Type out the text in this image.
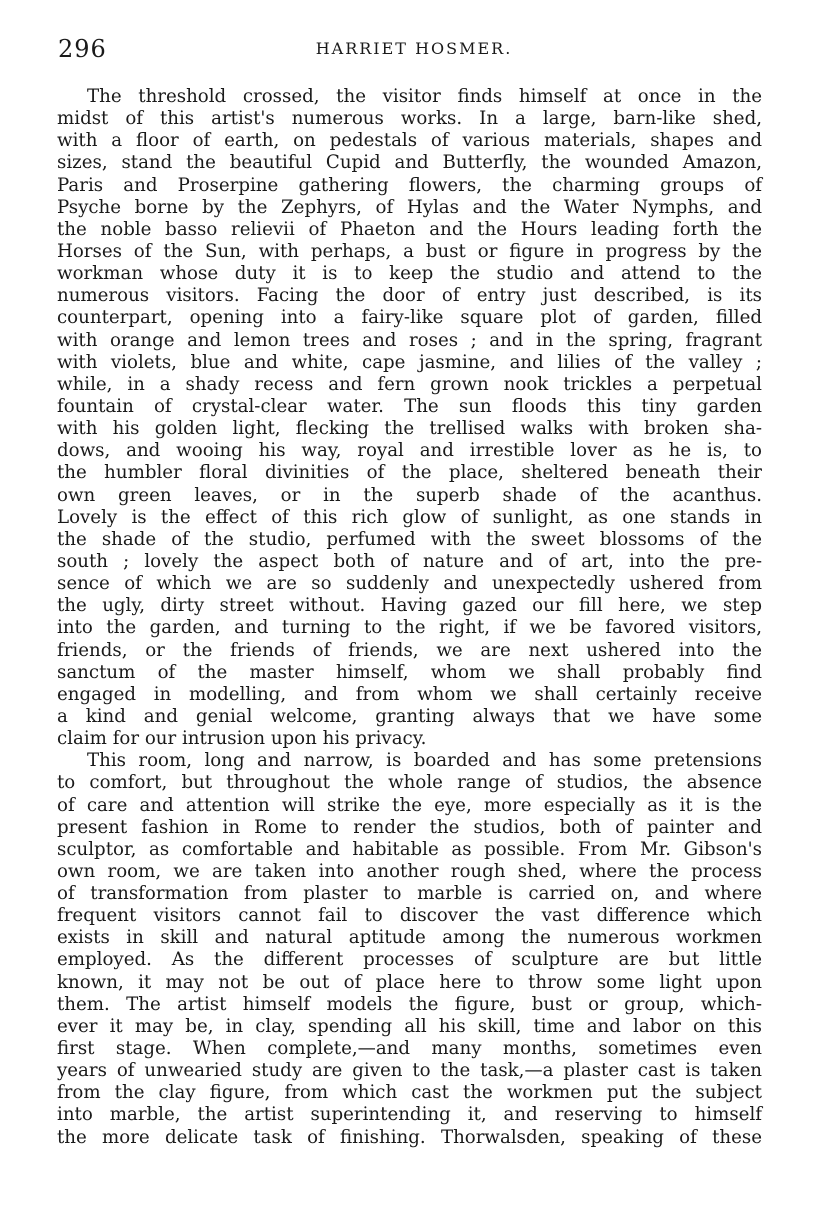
296	HARRIET HOSMER.
The threshold crossed, the visitor finds himself at once in the
midst of this artist's numerous works. In a large, barn-like shed,
with a floor of earth, on pedestals of various materials, shapes and
sizes, stand the beautiful Cupid and Butterfly, the wounded Amazon,
Paris and Proserpine gathering flowers, the charming groups of
Psyche borne by the Zephyrs, of Hylas and the Water Nymphs, and
the noble basso relievii of Phaeton and the Hours leading forth the
Horses of the Sun, with perhaps, a bust or figure in progress by the
workman whose duty it is to keep the studio and attend to the
numerous visitors. Facing the door of entry just described, is its
counterpart, opening into a fairy-like square plot of garden, filled
with orange and lemon trees and roses ; and in the spring, fragrant
with violets, blue and white, cape jasmine, and lilies of the valley ;
while, in a shady recess and fern grown nook trickles a perpetual
fountain of crystal-clear water. The sun floods this tiny garden
with his golden light, flecking the trellised walks with broken sha-
dows, and wooing his way, royal and irrestible lover as he is, to
the humbler floral divinities of the place, sheltered beneath their
own green leaves, or in the superb shade of the acanthus.
Lovely is the effect of this rich glow of sunlight, as one stands in
the shade of the studio, perfumed with the sweet blossoms of the
south ; lovely the aspect both of nature and of art, into the pre-
sence of which we are so suddenly and unexpectedly ushered from
the ugly, dirty street without. Having gazed our fill here, we step
into the garden, and turning to the right, if we be favored visitors,
friends, or the friends of friends, we are next ushered into the
sanctum of the master himself, whom we shall probably find
engaged in modelling, and from whom we shall certainly receive
a kind and genial welcome, granting always that we have some
claim for our intrusion upon his privacy.
This room, long and narrow, is boarded and has some pretensions
to comfort, but throughout the whole range of studios, the absence
of care and attention will strike the eye, more especially as it is the
present fashion in Rome to render the studios, both of painter and
sculptor, as comfortable and habitable as possible. From Mr. Gibson's
own room, we are taken into another rough shed, where the process
of transformation from plaster to marble is carried on, and where
frequent visitors cannot fail to discover the vast difference which
exists in skill and natural aptitude among the numerous workmen
employed. As the different processes of sculpture are but little
known, it may not be out of place here to throw some light upon
them. The artist himself models the figure, bust or group, which-
ever it may be, in clay, spending all his skill, time and labor on this
first stage. When complete,—and many months, sometimes even
years of unwearied study are given to the task,—a plaster cast is taken
from the clay figure, from which cast the workmen put the subject
into marble, the artist superintending it, and reserving to himself
the more delicate task of finishing. Thorwalsden, speaking of these
